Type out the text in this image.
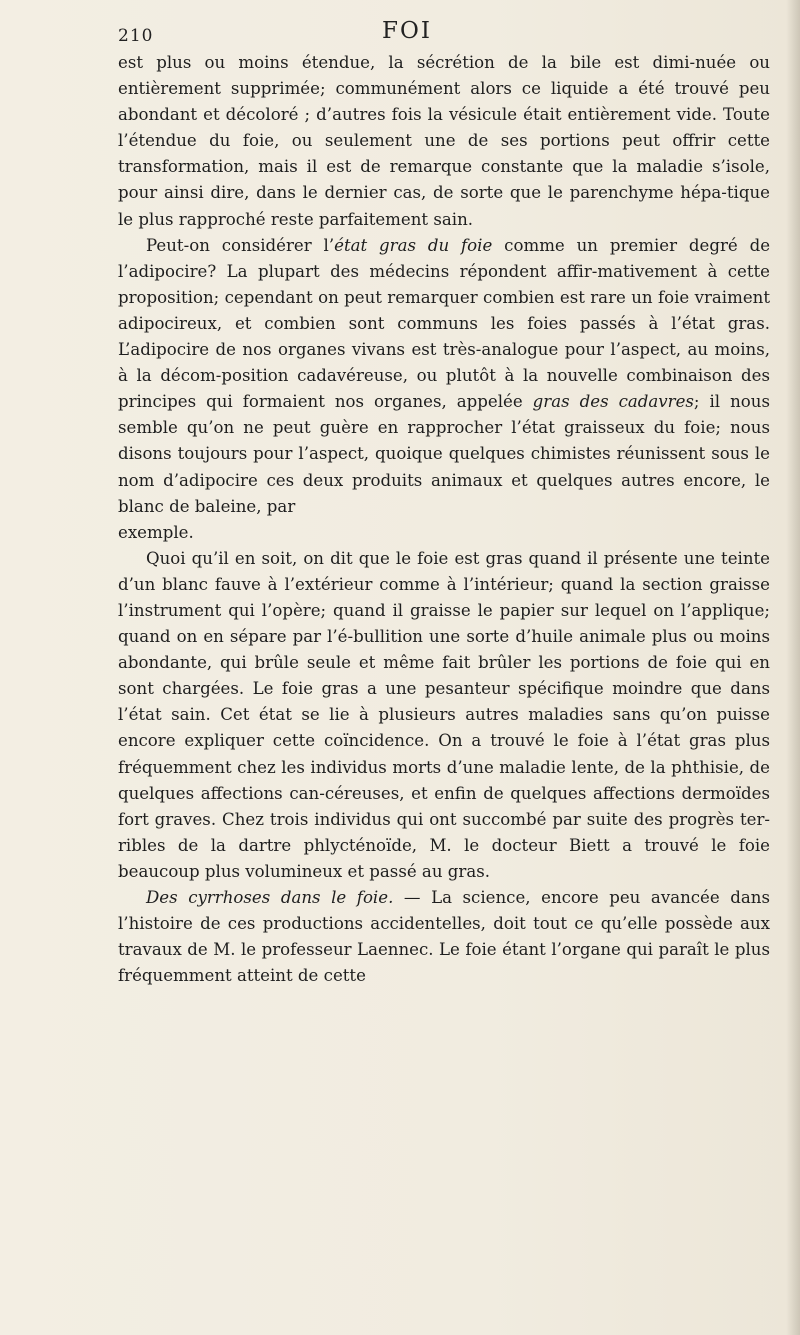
210	FOI

est plus ou moins étendue, la sécrétion de la bile est dimi-nuée ou entièrement supprimée; communément alors ce liquide a été trouvé peu abondant et décoloré ; d’autres fois la vésicule était entièrement vide. Toute l’étendue du foie, ou seulement une de ses portions peut offrir cette transformation, mais il est de remarque constante que la maladie s’isole, pour ainsi dire, dans le dernier cas, de sorte que le parenchyme hépa-tique le plus rapproché reste parfaitement sain.

Peut-on considérer l’état gras du foie comme un premier degré de l’adipocire? La plupart des médecins répondent affir-mativement à cette proposition; cependant on peut remarquer combien est rare un foie vraiment adipocireux, et combien sont communs les foies passés à l’état gras. L’adipocire de nos organes vivans est très-analogue pour l’aspect, au moins, à la décom-position cadavéreuse, ou plutôt à la nouvelle combinaison des principes qui formaient nos organes, appelée gras des cadavres; il nous semble qu’on ne peut guère en rapprocher l’état graisseux du foie; nous disons toujours pour l’aspect, quoique quelques chimistes réunissent sous le nom d’adipocire ces deux produits animaux et quelques autres encore, le blanc de baleine, par

exemple.

Quoi qu’il en soit, on dit que le foie est gras quand il présente une teinte d’un blanc fauve à l’extérieur comme à l’intérieur; quand la section graisse l’instrument qui l’opère; quand il graisse le papier sur lequel on l’applique; quand on en sépare par l’é-bullition une sorte d’huile animale plus ou moins abondante, qui brûle seule et même fait brûler les portions de foie qui en sont chargées. Le foie gras a une pesanteur spécifique moindre que dans l’état sain. Cet état se lie à plusieurs autres maladies sans qu’on puisse encore expliquer cette coïncidence. On a trouvé le foie à l’état gras plus fréquemment chez les individus morts d’une maladie lente, de la phthisie, de quelques affections can-céreuses, et enfin de quelques affections dermoïdes fort graves. Chez trois individus qui ont succombé par suite des progrès ter-ribles de la dartre phlycténoïde, M. le docteur Biett a trouvé le foie beaucoup plus volumineux et passé au gras.

Des cyrrhoses dans le foie. — La science, encore peu avancée dans l’histoire de ces productions accidentelles, doit tout ce qu’elle possède aux travaux de M. le professeur Laennec. Le foie étant l’organe qui paraît le plus fréquemment atteint de cette
